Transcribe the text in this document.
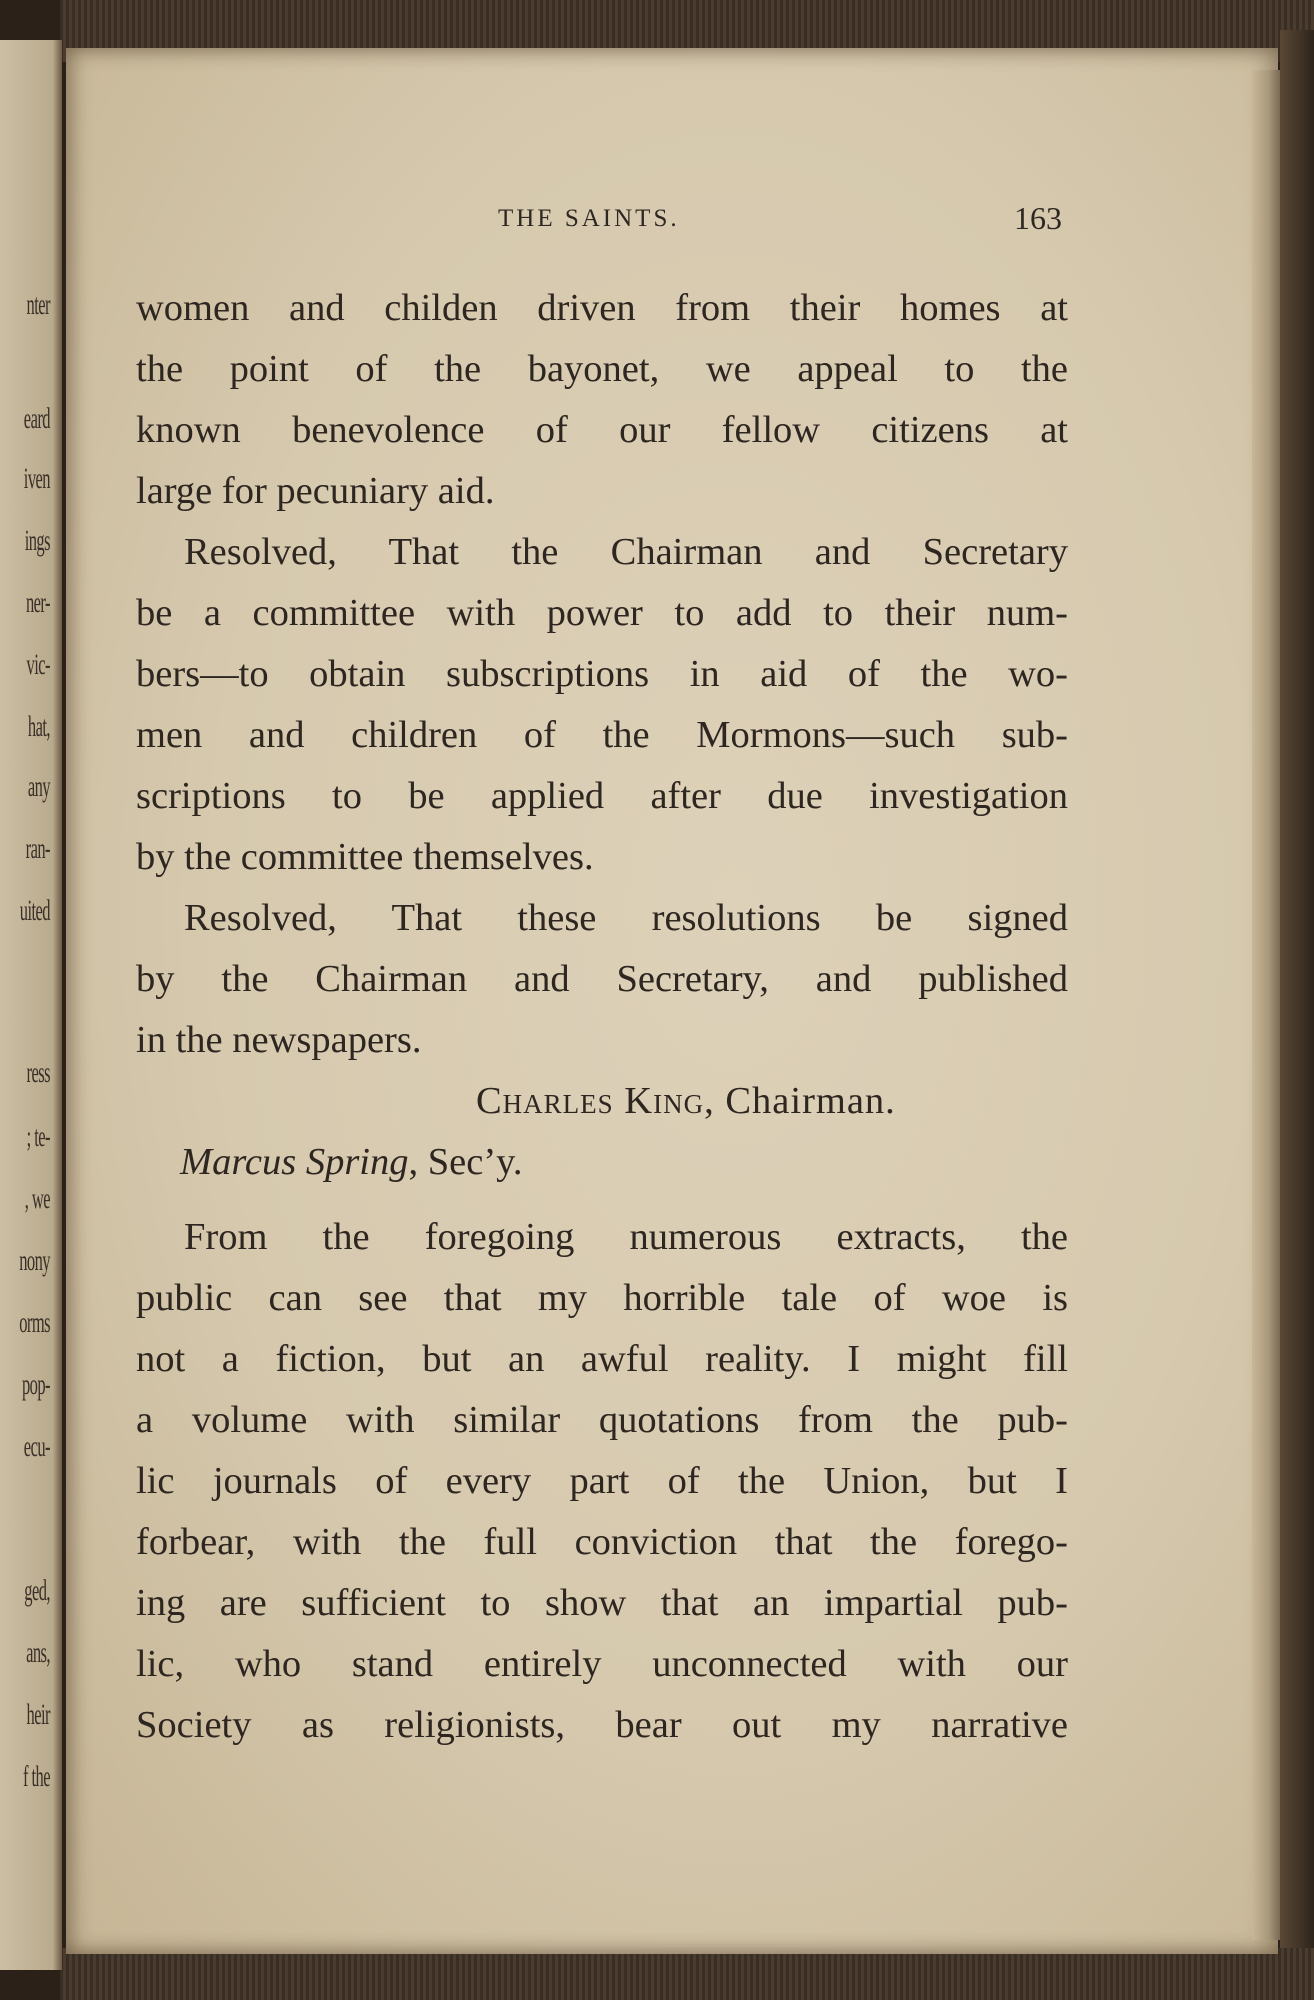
nter
eard
iven
ings
ner-
vic-
hat,
any
ran-
uited
ress
; te-
, we
nony
orms
pop-
ecu-
ged,
ans,
heir
f the
THE SAINTS.	163
women and childen driven from their homes at
the point of the bayonet, we appeal to the
known benevolence of our fellow citizens at
large for pecuniary aid.
Resolved, That the Chairman and Secretary
be a committee with power to add to their num-
bers—to obtain subscriptions in aid of the wo-
men and children of the Mormons—such sub-
scriptions to be applied after due investigation
by the committee themselves.
Resolved, That these resolutions be signed
by the Chairman and Secretary, and published
in the newspapers.
Charles King, Chairman.
Marcus Spring, Sec’y.
From the foregoing numerous extracts, the
public can see that my horrible tale of woe is
not a fiction, but an awful reality. I might fill
a volume with similar quotations from the pub-
lic journals of every part of the Union, but I
forbear, with the full conviction that the forego-
ing are sufficient to show that an impartial pub-
lic, who stand entirely unconnected with our
Society as religionists, bear out my narrative
